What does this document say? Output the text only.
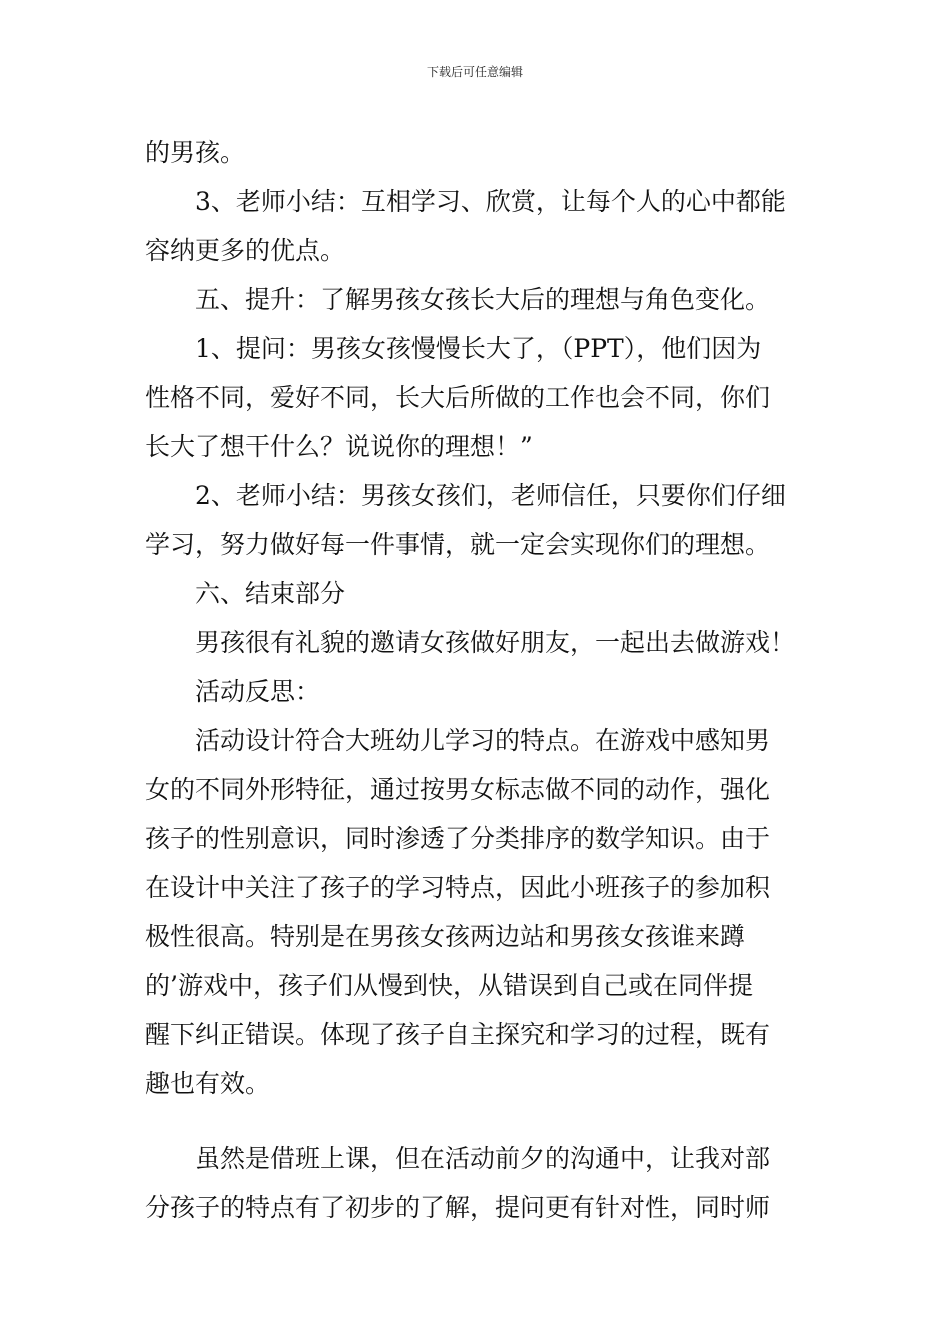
下载后可任意编辑
的男孩。
3、老师小结：互相学习、欣赏，让每个人的心中都能
容纳更多的优点。
五、提升：了解男孩女孩长大后的理想与角色变化。
1、提问：男孩女孩慢慢长大了，（PPT），他们因为
性格不同，爱好不同，长大后所做的工作也会不同，你们
长大了想干什么？说说你的理想！”
2、老师小结：男孩女孩们，老师信任，只要你们仔细
学习，努力做好每一件事情，就一定会实现你们的理想。
六、结束部分
男孩很有礼貌的邀请女孩做好朋友，一起出去做游戏！
活动反思：
活动设计符合大班幼儿学习的特点。在游戏中感知男
女的不同外形特征，通过按男女标志做不同的动作，强化
孩子的性别意识，同时渗透了分类排序的数学知识。由于
在设计中关注了孩子的学习特点，因此小班孩子的参加积
极性很高。特别是在男孩女孩两边站和男孩女孩谁来蹲
的’游戏中，孩子们从慢到快，从错误到自己或在同伴提
醒下纠正错误。体现了孩子自主探究和学习的过程，既有
趣也有效。
虽然是借班上课，但在活动前夕的沟通中，让我对部
分孩子的特点有了初步的了解，提问更有针对性，同时师
